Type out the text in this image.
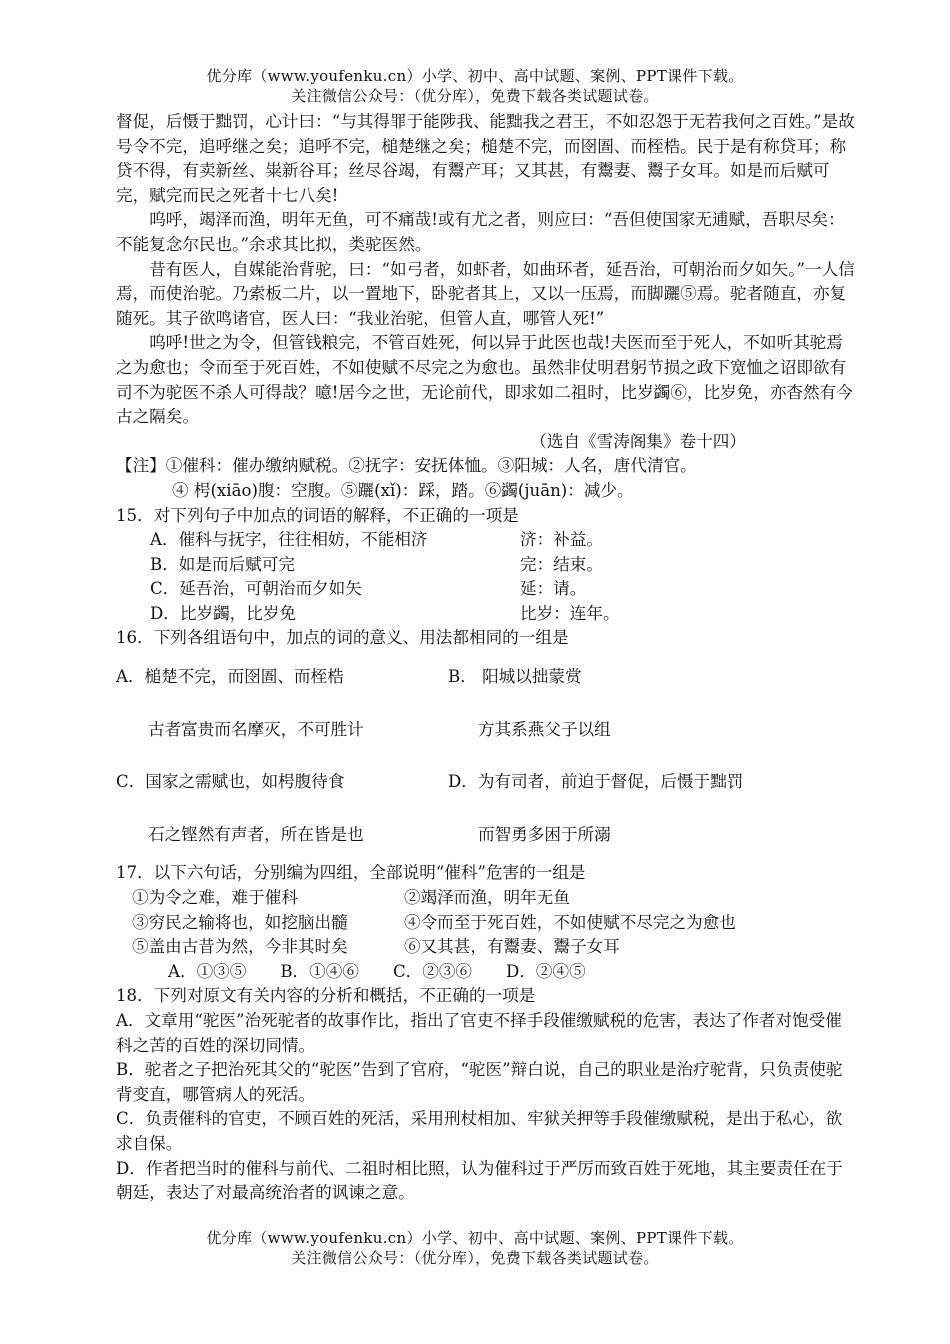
优分库（www.youfenku.cn）小学、初中、高中试题、案例、PPT课件下载。
关注微信公众号：（优分库），免费下载各类试题试卷。

督促，后慑于黜罚，心计曰：“与其得罪于能陟我、能黜我之君王，不如忍怨于无若我何之百姓。”是故号令不完，追呼继之矣；追呼不完，槌楚继之矣；槌楚不完，而囹圄、而桎梏。民于是有称贷耳；称贷不得，有卖新丝、粜新谷耳；丝尽谷竭，有鬻产耳；又其甚，有鬻妻、鬻子女耳。如是而后赋可完，赋完而民之死者十七八矣!

呜呼，竭泽而渔，明年无鱼，可不痛哉!或有尤之者，则应曰：“吾但使国家无逋赋，吾职尽矣：不能复念尔民也。”余求其比拟，类驼医然。

昔有医人，自媒能治背驼，曰：“如弓者，如虾者，如曲环者，延吾治，可朝治而夕如矢。”一人信焉，而使治驼。乃索板二片，以一置地下，卧驼者其上，又以一压焉，而脚躧⑤焉。驼者随直，亦复随死。其子欲鸣诸官，医人曰：“我业治驼，但管人直，哪管人死!”

呜呼!世之为令，但管钱粮完，不管百姓死，何以异于此医也哉!夫医而至于死人，不如听其驼焉之为愈也；令而至于死百姓，不如使赋不尽完之为愈也。虽然非仗明君躬节损之政下宽恤之诏即欲有司不为驼医不杀人可得哉？噫!居今之世，无论前代，即求如二祖时，比岁蠲⑥，比岁免，亦杳然有今古之隔矣。

（选自《雪涛阁集》卷十四）

【注】①催科：催办缴纳赋税。②抚字：安抚体恤。③阳城：人名，唐代清官。

④ 枵(xiāo)腹：空腹。⑤躧(xǐ)：踩，踏。⑥蠲(juān)：减少。

15．对下列句子中加点的词语的解释，不正确的一项是

A．催科与抚字，往往相妨，不能相济	济：补益。
B．如是而后赋可完	完：结束。
C．延吾治，可朝治而夕如矢	延：请。
D．比岁蠲，比岁免	比岁：连年。

16．下列各组语句中，加点的词的意义、用法都相同的一组是

A．槌楚不完，而囹圄、而桎梏	B． 阳城以拙蒙赏
古者富贵而名摩灭，不可胜计	方其系燕父子以组
C．国家之需赋也，如枵腹待食	D．为有司者，前迫于督促，后慑于黜罚
石之铿然有声者，所在皆是也	而智勇多困于所溺

17．以下六句话，分别编为四组，全部说明“催科”危害的一组是

①为令之难，难于催科	②竭泽而渔，明年无鱼
③穷民之输将也，如挖脑出髓	④令而至于死百姓，不如使赋不尽完之为愈也
⑤盖由古昔为然，今非其时矣	⑥又其甚，有鬻妻、鬻子女耳

A．①③⑤ B．①④⑥ C．②③⑥ D．②④⑤

18．下列对原文有关内容的分析和概括，不正确的一项是

A．文章用“驼医”治死驼者的故事作比，指出了官吏不择手段催缴赋税的危害，表达了作者对饱受催科之苦的百姓的深切同情。

B．驼者之子把治死其父的“驼医”告到了官府，“驼医”辩白说，自己的职业是治疗驼背，只负责使驼背变直，哪管病人的死活。

C．负责催科的官吏，不顾百姓的死活，采用刑杖相加、牢狱关押等手段催缴赋税，是出于私心，欲求自保。

D．作者把当时的催科与前代、二祖时相比照，认为催科过于严厉而致百姓于死地，其主要责任在于朝廷，表达了对最高统治者的讽谏之意。

优分库（www.youfenku.cn）小学、初中、高中试题、案例、PPT课件下载。
关注微信公众号：（优分库），免费下载各类试题试卷。
